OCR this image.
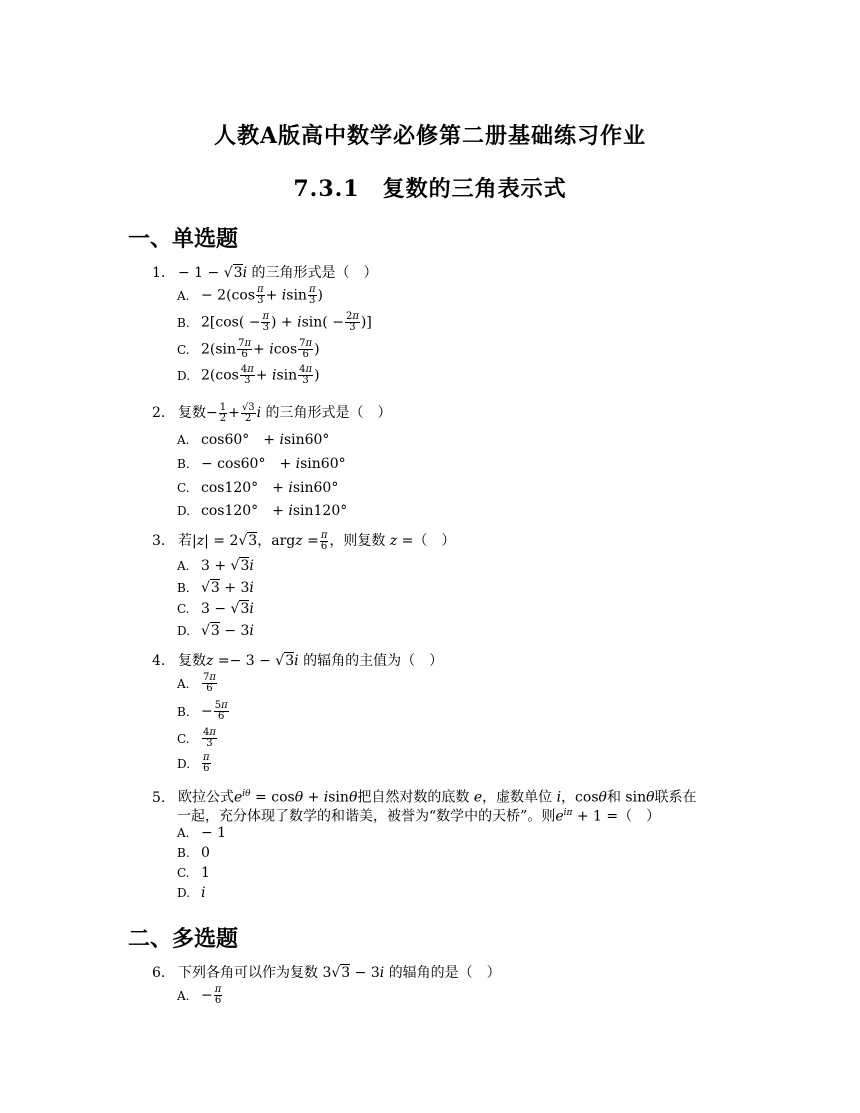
人教A版高中数学必修第二册基础练习作业
7.3.1　复数的三角表示式
一、单选题
1. − 1 − √3i 的三角形式是（　）
A. − $2(\cos \frac{\pi}{3} + isin \frac{\pi}{3}$ )
B. $2[\cos( - \frac{\pi}{3}$ ) + $isin( - \frac{2\pi}{3}$ )]
C. $2(\sin \frac{7\pi}{6} + icos \frac{7\pi}{6}$ )
D. $2(\cos \frac{4\pi}{3} + isin \frac{4\pi}{3}$ )
2. 复数− $\frac{1}{2} + \frac{√3}{2}$ i 的三角形式是（　）
A. cos60°　+ isin60°
B. − cos60°　+ isin60°
C. cos120°　+ isin60°
D. cos120°　+ isin120°
3. 若|z| = 2√3，argz = $\frac{\pi}{6}$ ，则复数 z =（　）
A. 3 + √3i
B. √3 + 3i
C. 3 − √3i
D. √3 − 3i
4. 复数z =− 3 − √3i 的辐角的主值为（　）
A. $\frac{7\pi}{6}$
B. − $\frac{5\pi}{6}$
C. $\frac{4\pi}{3}$
D. $\frac{\pi}{6}$
5. 欧拉公式$e^{i\theta} = \cos\theta + isin\theta$把自然对数的底数 e，虚数单位 i，cosθ和 sinθ联系在
一起，充分体现了数学的和谐美，被誉为“数学中的天桥”。则$e^{i\pi} + 1$ =（　）
A. − 1
B. 0
C. 1
D. i
二、多选题
6. 下列各角可以作为复数 3√3 − 3i 的辐角的是（　）
A. − $\frac{\pi}{6}$
